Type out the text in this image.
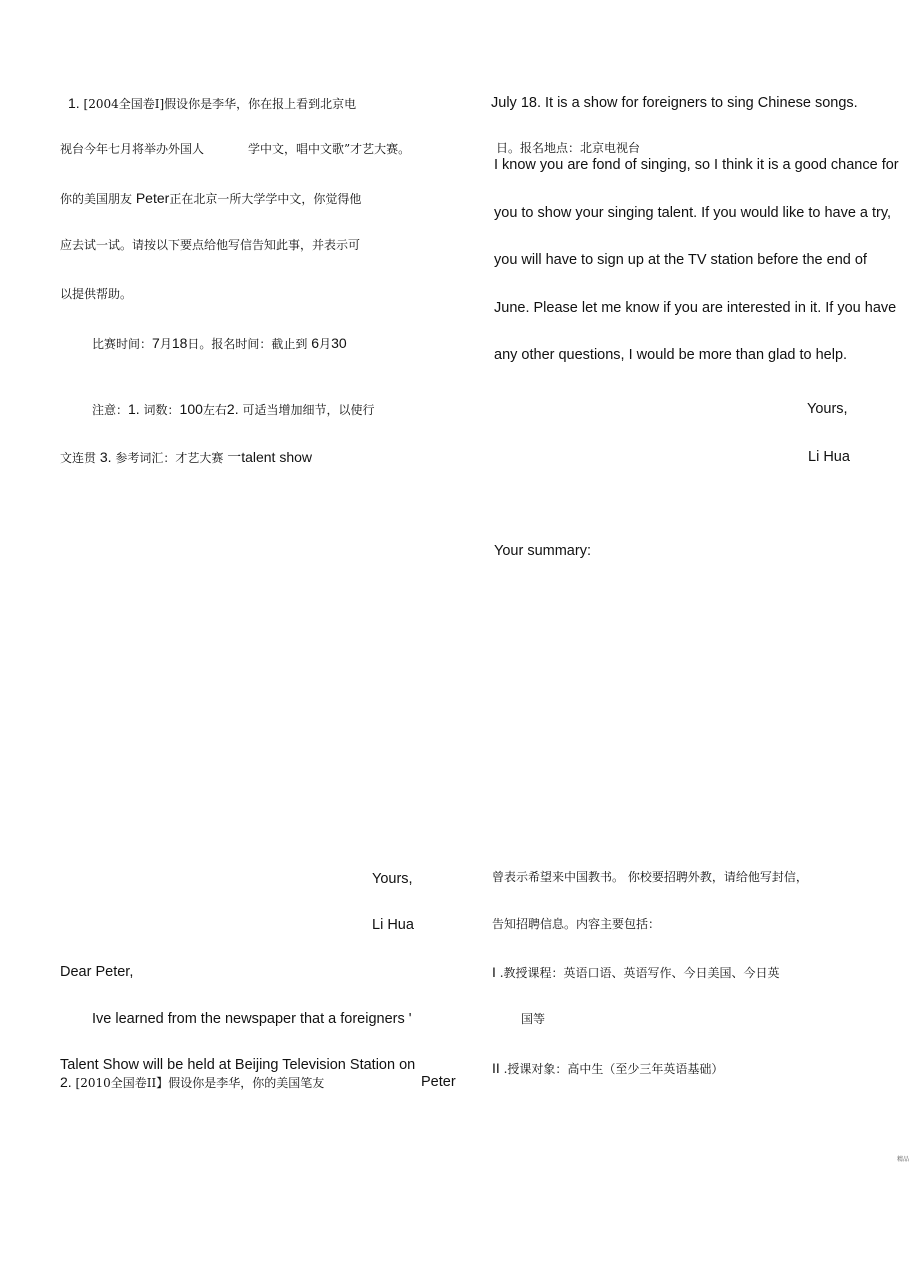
1. [2004全国卷I]假设你是李华，你在报上看到北京电
视台今年七月将举办外国人	学中文，唱中文歌”才艺大赛。
你的美国朋友 Peter正在北京一所大学学中文，你觉得他
应去试一试。请按以下要点给他写信告知此事，并表示可
以提供帮助。
比赛时间：7月18日。报名时间：截止到 6月30
注意：1. 词数：100左右2. 可适当增加细节，以使行
文连贯 3. 参考词汇：才艺大赛 一talent show
Yours,
Li Hua
Dear Peter,
Ive learned from the newspaper that a foreigners '
Talent Show will be held at Beijing Television Station on
2. [2010全国卷II】假设你是李华，你的美国笔友	Peter
July 18. It is a show for foreigners to sing Chinese songs.
日。报名地点：北京电视台
I know you are fond of singing, so I think it is a good chance for
you to show your singing talent. If you would like to have a try,
you will have to sign up at the TV station before the end of
June. Please let me know if you are interested in it. If you have
any other questions, I would be more than glad to help.
Yours,
Li Hua
Your summary:
曾表示希望来中国教书。 你校要招聘外教，请给他写封信，
告知招聘信息。内容主要包括：
I .教授课程：英语口语、英语写作、今日美国、今日英
国等
II .授课对象：高中生（至少三年英语基础）
精品
